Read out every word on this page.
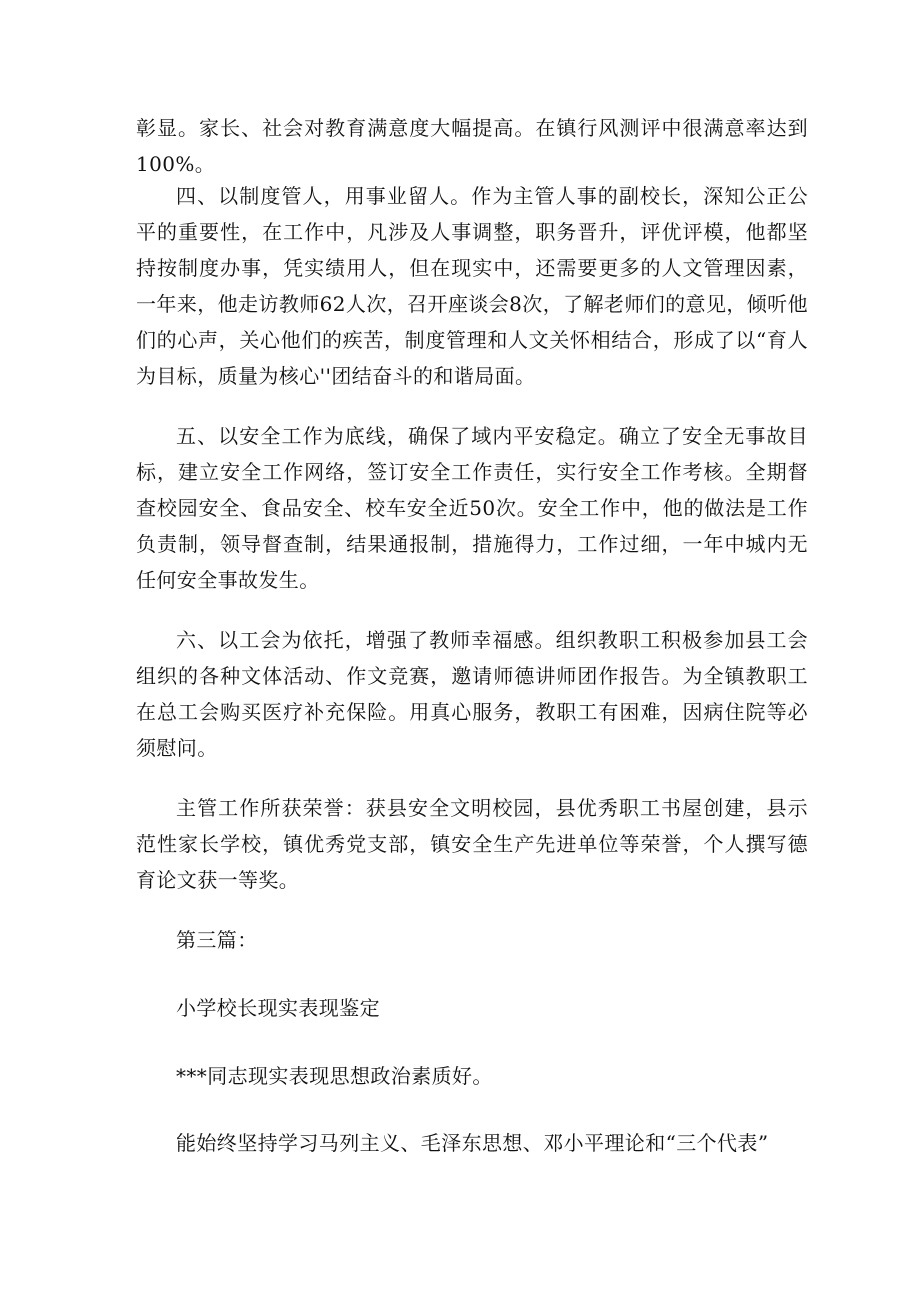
彰显。家长、社会对教育满意度大幅提高。在镇行风测评中很满意率达到100%。

四、以制度管人，用事业留人。作为主管人事的副校长，深知公正公平的重要性，在工作中，凡涉及人事调整，职务晋升，评优评模，他都坚持按制度办事，凭实绩用人，但在现实中，还需要更多的人文管理因素，一年来，他走访教师62人次，召开座谈会8次，了解老师们的意见，倾听他们的心声，关心他们的疾苦，制度管理和人文关怀相结合，形成了以“育人为目标，质量为核心''团结奋斗的和谐局面。

五、以安全工作为底线，确保了域内平安稳定。确立了安全无事故目标，建立安全工作网络，签订安全工作责任，实行安全工作考核。全期督查校园安全、食品安全、校车安全近50次。安全工作中，他的做法是工作负责制，领导督查制，结果通报制，措施得力，工作过细，一年中城内无任何安全事故发生。

六、以工会为依托，增强了教师幸福感。组织教职工积极参加县工会组织的各种文体活动、作文竞赛，邀请师德讲师团作报告。为全镇教职工在总工会购买医疗补充保险。用真心服务，教职工有困难，因病住院等必须慰问。

主管工作所获荣誉：获县安全文明校园，县优秀职工书屋创建，县示范性家长学校，镇优秀党支部，镇安全生产先进单位等荣誉，个人撰写德育论文获一等奖。

第三篇：

小学校长现实表现鉴定

***同志现实表现思想政治素质好。

能始终坚持学习马列主义、毛泽东思想、邓小平理论和“三个代表”
